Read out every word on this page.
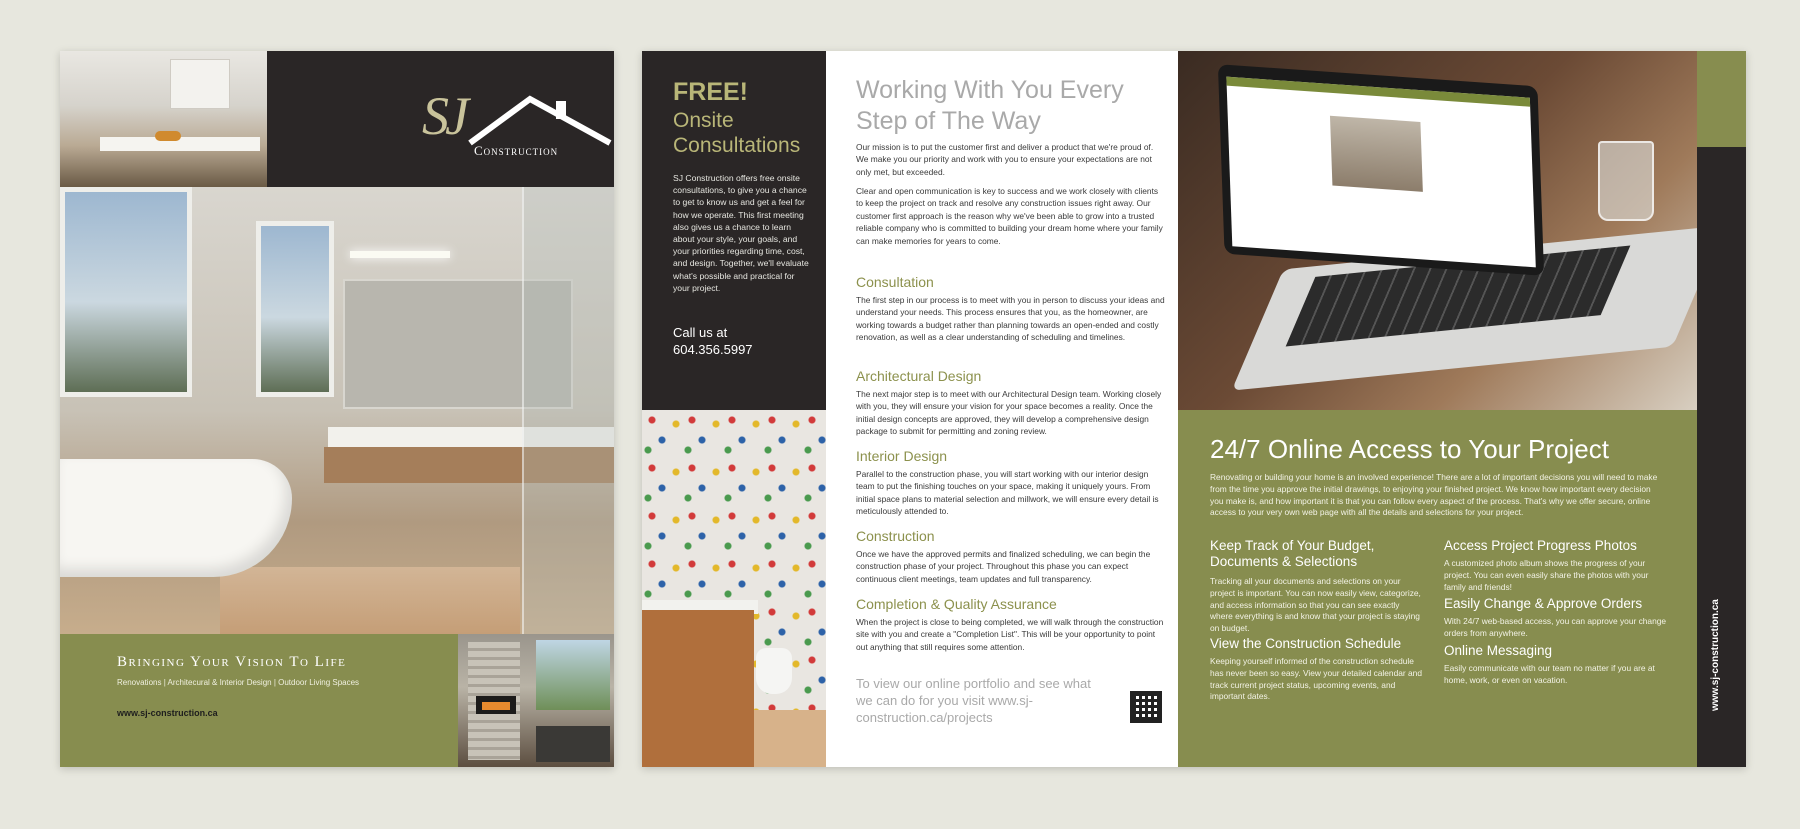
SJ
Construction
Bringing Your Vision To Life
Renovations | Architecural & Interior Design | Outdoor Living Spaces
www.sj-construction.ca
FREE!
Onsite Consultations
SJ Construction offers free onsite consultations, to give you a chance to get to know us and get a feel for how we operate. This first meeting also gives us a chance to learn about your style, your goals, and your priorities regarding time, cost, and design. Together, we'll evaluate what's possible and practical for your project.
Call us at
604.356.5997
Working With You Every Step of The Way
Our mission is to put the customer first and deliver a product that we're proud of. We make you our priority and work with you to ensure your expectations are not only met, but exceeded.
Clear and open communication is key to success and we work closely with clients to keep the project on track and resolve any construction issues right away. Our customer first approach is the reason why we've been able to grow into a trusted reliable company who is committed to building your dream home where your family can make memories for years to come.
Consultation
The first step in our process is to meet with you in person to discuss your ideas and understand your needs. This process ensures that you, as the homeowner, are working towards a budget rather than planning towards an open-ended and costly renovation, as well as a clear understanding of scheduling and timelines.
Architectural Design
The next major step is to meet with our Architectural Design team. Working closely with you, they will ensure your vision for your space becomes a reality. Once the initial design concepts are approved, they will develop a comprehensive design package to submit for permitting and zoning review.
Interior Design
Parallel to the construction phase, you will start working with our interior design team to put the finishing touches on your space, making it uniquely yours. From initial space plans to material selection and millwork, we will ensure every detail is meticulously attended to.
Construction
Once we have the approved permits and finalized scheduling, we can begin the construction phase of your project. Throughout this phase you can expect continuous client meetings, team updates and full transparency.
Completion & Quality Assurance
When the project is close to being completed, we will walk through the construction site with you and create a "Completion List". This will be your opportunity to point out anything that still requires some attention.
To view our online portfolio and see what we can do for you visit www.sj-construction.ca/projects
24/7 Online Access to Your Project
Renovating or building your home is an involved experience! There are a lot of important decisions you will need to make from the time you approve the initial drawings, to enjoying your finished project. We know how important every decision you make is, and how important it is that you can follow every aspect of the process. That's why we offer secure, online access to your very own web page with all the details and selections for your project.
Keep Track of Your Budget, Documents & Selections
Tracking all your documents and selections on your project is important. You can now easily view, categorize, and access information so that you can see exactly where everything is and know that your project is staying on budget.
View the Construction Schedule
Keeping yourself informed of the construction schedule has never been so easy. View your detailed calendar and track current project status, upcoming events, and important dates.
Access Project Progress Photos
A customized photo album shows the progress of your project. You can even easily share the photos with your family and friends!
Easily Change & Approve Orders
With 24/7 web-based access, you can approve your change orders from anywhere.
Online Messaging
Easily communicate with our team no matter if you are at home, work, or even on vacation.	www.sj-construction.ca
